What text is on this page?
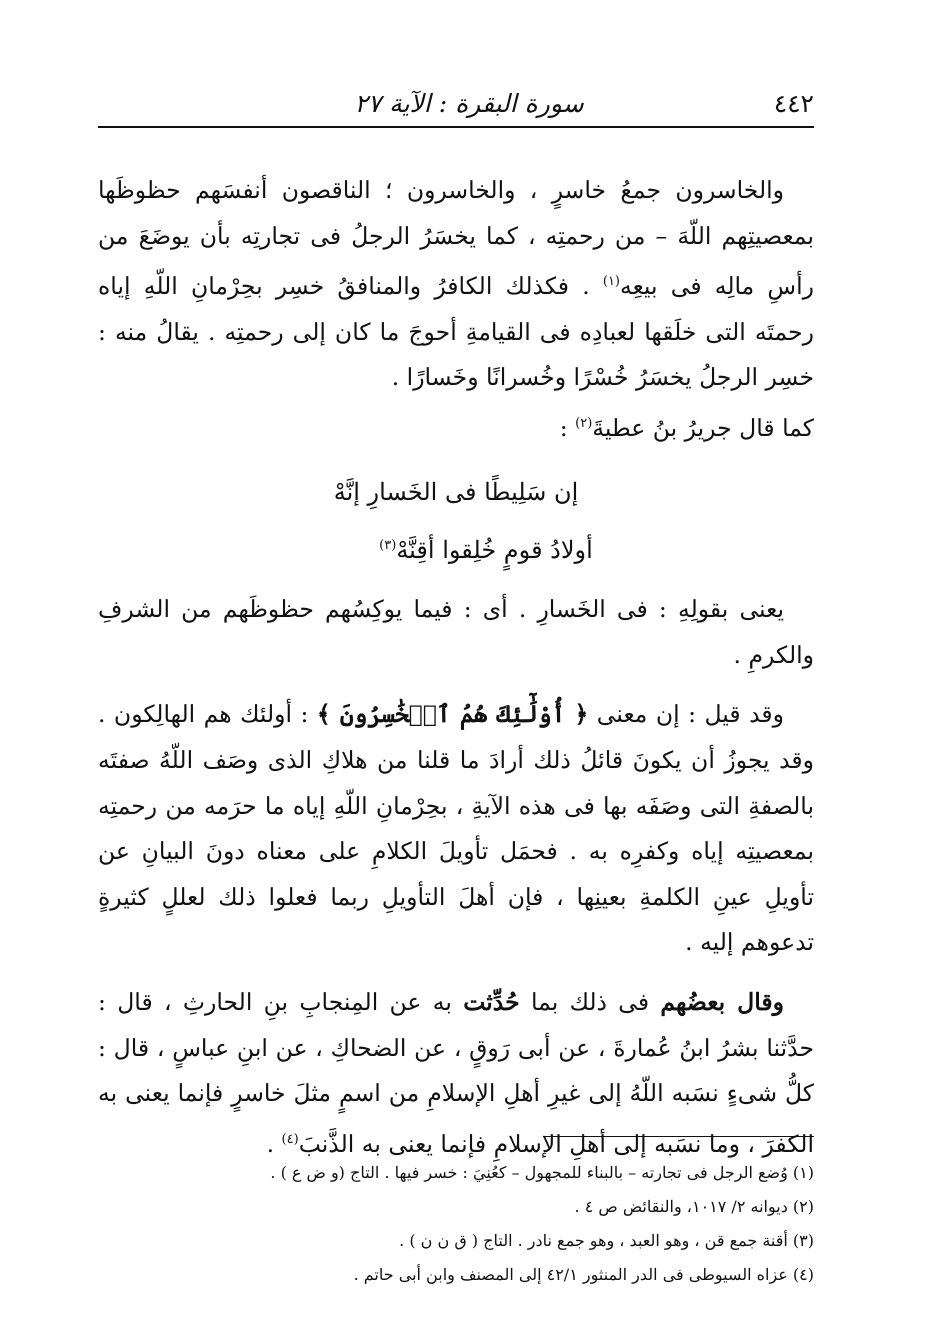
٤٤٢
سورة البقرة : الآية ٢٧

والخاسرون جمعُ خاسرٍ ، والخاسرون ؛ الناقصون أنفسَهم حظوظَها بمعصيتِهم اللّهَ – من رحمتِه ، كما يخسَرُ الرجلُ فى تجارتِه بأن يوضَعَ من رأسِ مالِه فى بيعِه$^{(١)}$ . فكذلك الكافرُ والمنافقُ خسِر بحِرْمانِ اللّهِ إياه رحمتَه التى خلَقها لعبادِه فى القيامةِ أحوجَ ما كان إلى رحمتِه . يقالُ منه : خسِر الرجلُ يخسَرُ خُسْرًا وخُسرانًا وخَسارًا .

كما قال جريرُ بنُ عطيةَ$^{(٢)}$ :

إن سَلِيطًا فى الخَسارِ إنَّهْ
أولادُ قومٍ خُلِقوا أقِنَّهْ$^{(٣)}$

يعنى بقولِهِ : فى الخَسارِ . أى : فيما يوكِسُهم حظوظَهم من الشرفِ والكرمِ .

وقد قيل : إن معنى ﴿ أُوْلَٰٓئِكَ هُمُ ٱلۡخَٰسِرُونَ ﴾ : أولئك هم الهالِكون . وقد يجوزُ أن يكونَ قائلُ ذلك أرادَ ما قلنا من هلاكِ الذى وصَف اللّهُ صفتَه بالصفةِ التى وصَفَه بها فى هذه الآيةِ ، بحِرْمانِ اللّهِ إياه ما حرَمه من رحمتِه بمعصيتِه إياه وكفرِه به . فحمَل تأويلَ الكلامِ على معناه دونَ البيانِ عن تأويلِ عينِ الكلمةِ بعينِها ، فإن أهلَ التأويلِ ربما فعلوا ذلك لعللٍ كثيرةٍ تدعوهم إليه .

وقال بعضُهم فى ذلك بما حُدِّثت به عن المِنجابِ بنِ الحارثِ ، قال : حدَّثنا بشرُ ابنُ عُمارةَ ، عن أبى رَوقٍ ، عن الضحاكِ ، عن ابنِ عباسٍ ، قال : كلُّ شىءٍ نسَبه اللّهُ إلى غيرِ أهلِ الإسلامِ من اسمٍ مثلَ خاسرٍ فإنما يعنى به الكفرَ ، وما نسَبه إلى أهلِ الإسلامِ فإنما يعنى به الذَّنبَ$^{(٤)}$ .

(١) وُضع الرجل فى تجارته – بالبناء للمجهول – كعُنِيَ : خسر فيها . التاج (و ض ع ) .
(٢) ديوانه ٢/ ١٠١٧، والنقائض ص ٤ .
(٣) أقنة جمع قن ، وهو العبد ، وهو جمع نادر . التاج ( ق ن ن ) .
(٤) عزاه السيوطى فى الدر المنثور ٤٢/١ إلى المصنف وابن أبى حاتم .
